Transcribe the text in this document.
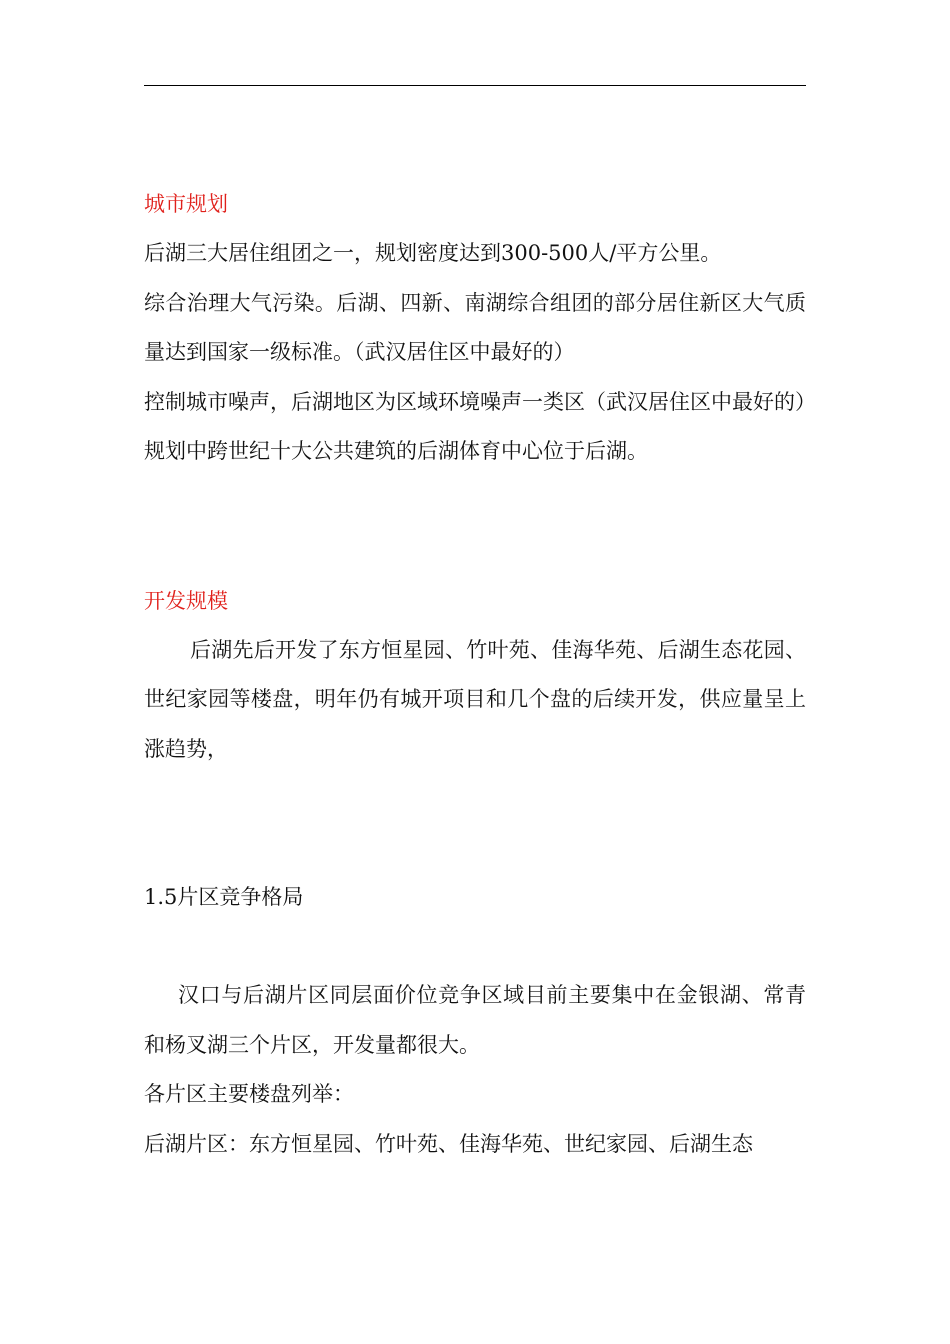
城市规划

后湖三大居住组团之一，规划密度达到300-500人/平方公里。

综合治理大气污染。后湖、四新、南湖综合组团的部分居住新区大气质量达到国家一级标准。（武汉居住区中最好的）

控制城市噪声，后湖地区为区域环境噪声一类区（武汉居住区中最好的）

规划中跨世纪十大公共建筑的后湖体育中心位于后湖。

开发规模

后湖先后开发了东方恒星园、竹叶苑、佳海华苑、后湖生态花园、世纪家园等楼盘，明年仍有城开项目和几个盘的后续开发，供应量呈上涨趋势，

1.5片区竞争格局

汉口与后湖片区同层面价位竞争区域目前主要集中在金银湖、常青和杨叉湖三个片区，开发量都很大。

各片区主要楼盘列举：

后湖片区：东方恒星园、竹叶苑、佳海华苑、世纪家园、后湖生态
